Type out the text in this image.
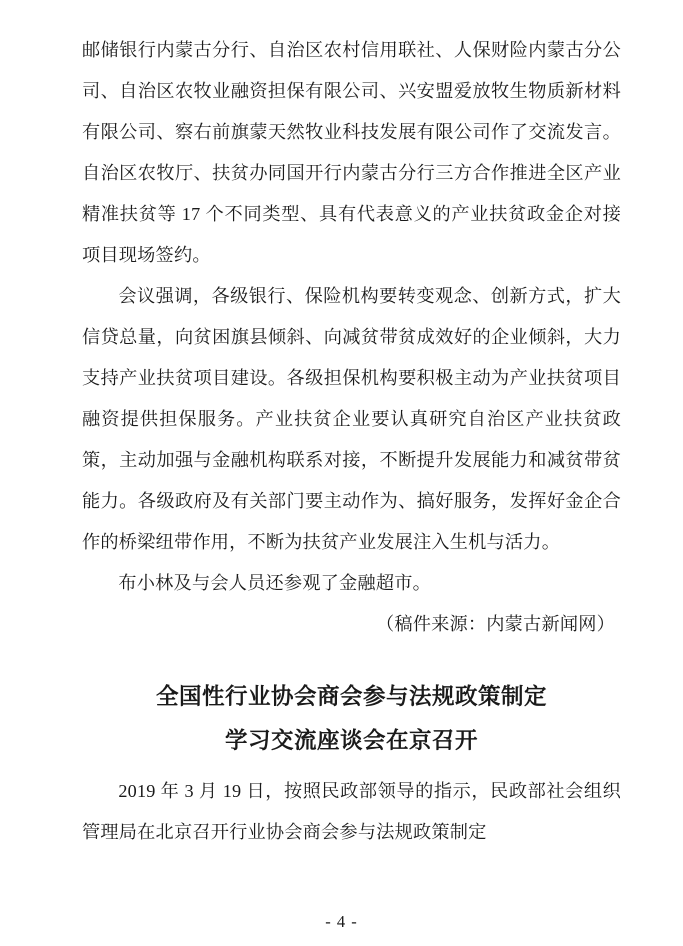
邮储银行内蒙古分行、自治区农村信用联社、人保财险内蒙古分公司、自治区农牧业融资担保有限公司、兴安盟爱放牧生物质新材料有限公司、察右前旗蒙天然牧业科技发展有限公司作了交流发言。自治区农牧厅、扶贫办同国开行内蒙古分行三方合作推进全区产业精准扶贫等 17 个不同类型、具有代表意义的产业扶贫政金企对接项目现场签约。

会议强调，各级银行、保险机构要转变观念、创新方式，扩大信贷总量，向贫困旗县倾斜、向减贫带贫成效好的企业倾斜，大力支持产业扶贫项目建设。各级担保机构要积极主动为产业扶贫项目融资提供担保服务。产业扶贫企业要认真研究自治区产业扶贫政策，主动加强与金融机构联系对接，不断提升发展能力和减贫带贫能力。各级政府及有关部门要主动作为、搞好服务，发挥好金企合作的桥梁纽带作用，不断为扶贫产业发展注入生机与活力。

布小林及与会人员还参观了金融超市。

（稿件来源：内蒙古新闻网）

全国性行业协会商会参与法规政策制定

学习交流座谈会在京召开

2019 年 3 月 19 日，按照民政部领导的指示，民政部社会组织管理局在北京召开行业协会商会参与法规政策制定

- 4 -
